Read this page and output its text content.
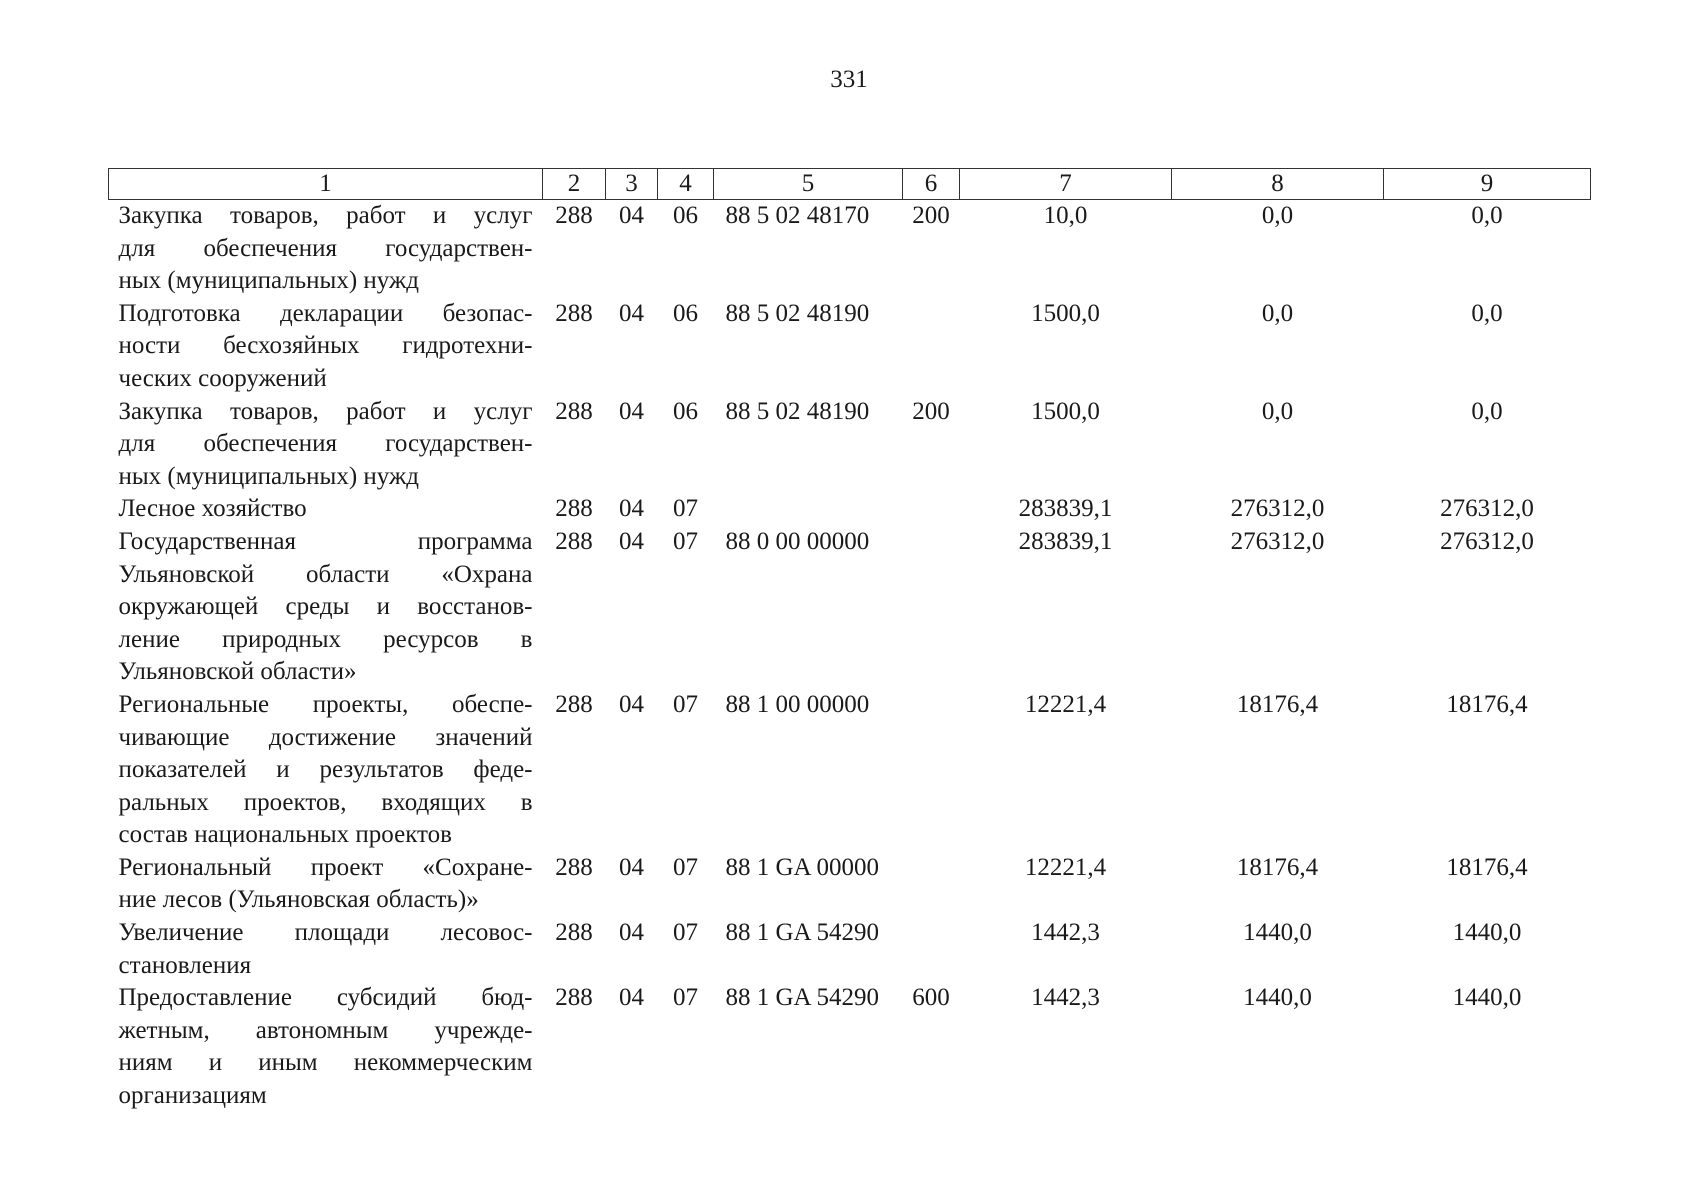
331
1	2	3	4	5	6	7	8	9

Закупка товаров, работ и услуг
для обеспечения государствен-
ных (муниципальных) нужд	288	04	06	88 5 02 48170	200	10,0	0,0	0,0

Подготовка декларации безопас-
ности бесхозяйных гидротехни-
ческих сооружений	288	04	06	88 5 02 48190		1500,0	0,0	0,0

Закупка товаров, работ и услуг
для обеспечения государствен-
ных (муниципальных) нужд	288	04	06	88 5 02 48190	200	1500,0	0,0	0,0

Лесное хозяйство	288	04	07			283839,1	276312,0	276312,0

Государственная программа
Ульяновской области «Охрана
окружающей среды и восстанов-
ление природных ресурсов в
Ульяновской области»	288	04	07	88 0 00 00000		283839,1	276312,0	276312,0

Региональные проекты, обеспе-
чивающие достижение значений
показателей и результатов феде-
ральных проектов, входящих в
состав национальных проектов	288	04	07	88 1 00 00000		12221,4	18176,4	18176,4

Региональный проект «Сохране-
ние лесов (Ульяновская область)»	288	04	07	88 1 GA 00000		12221,4	18176,4	18176,4

Увеличение площади лесовос-
становления	288	04	07	88 1 GA 54290		1442,3	1440,0	1440,0

Предоставление субсидий бюд-
жетным, автономным учрежде-
ниям и иным некоммерческим
организациям	288	04	07	88 1 GA 54290	600	1442,3	1440,0	1440,0
